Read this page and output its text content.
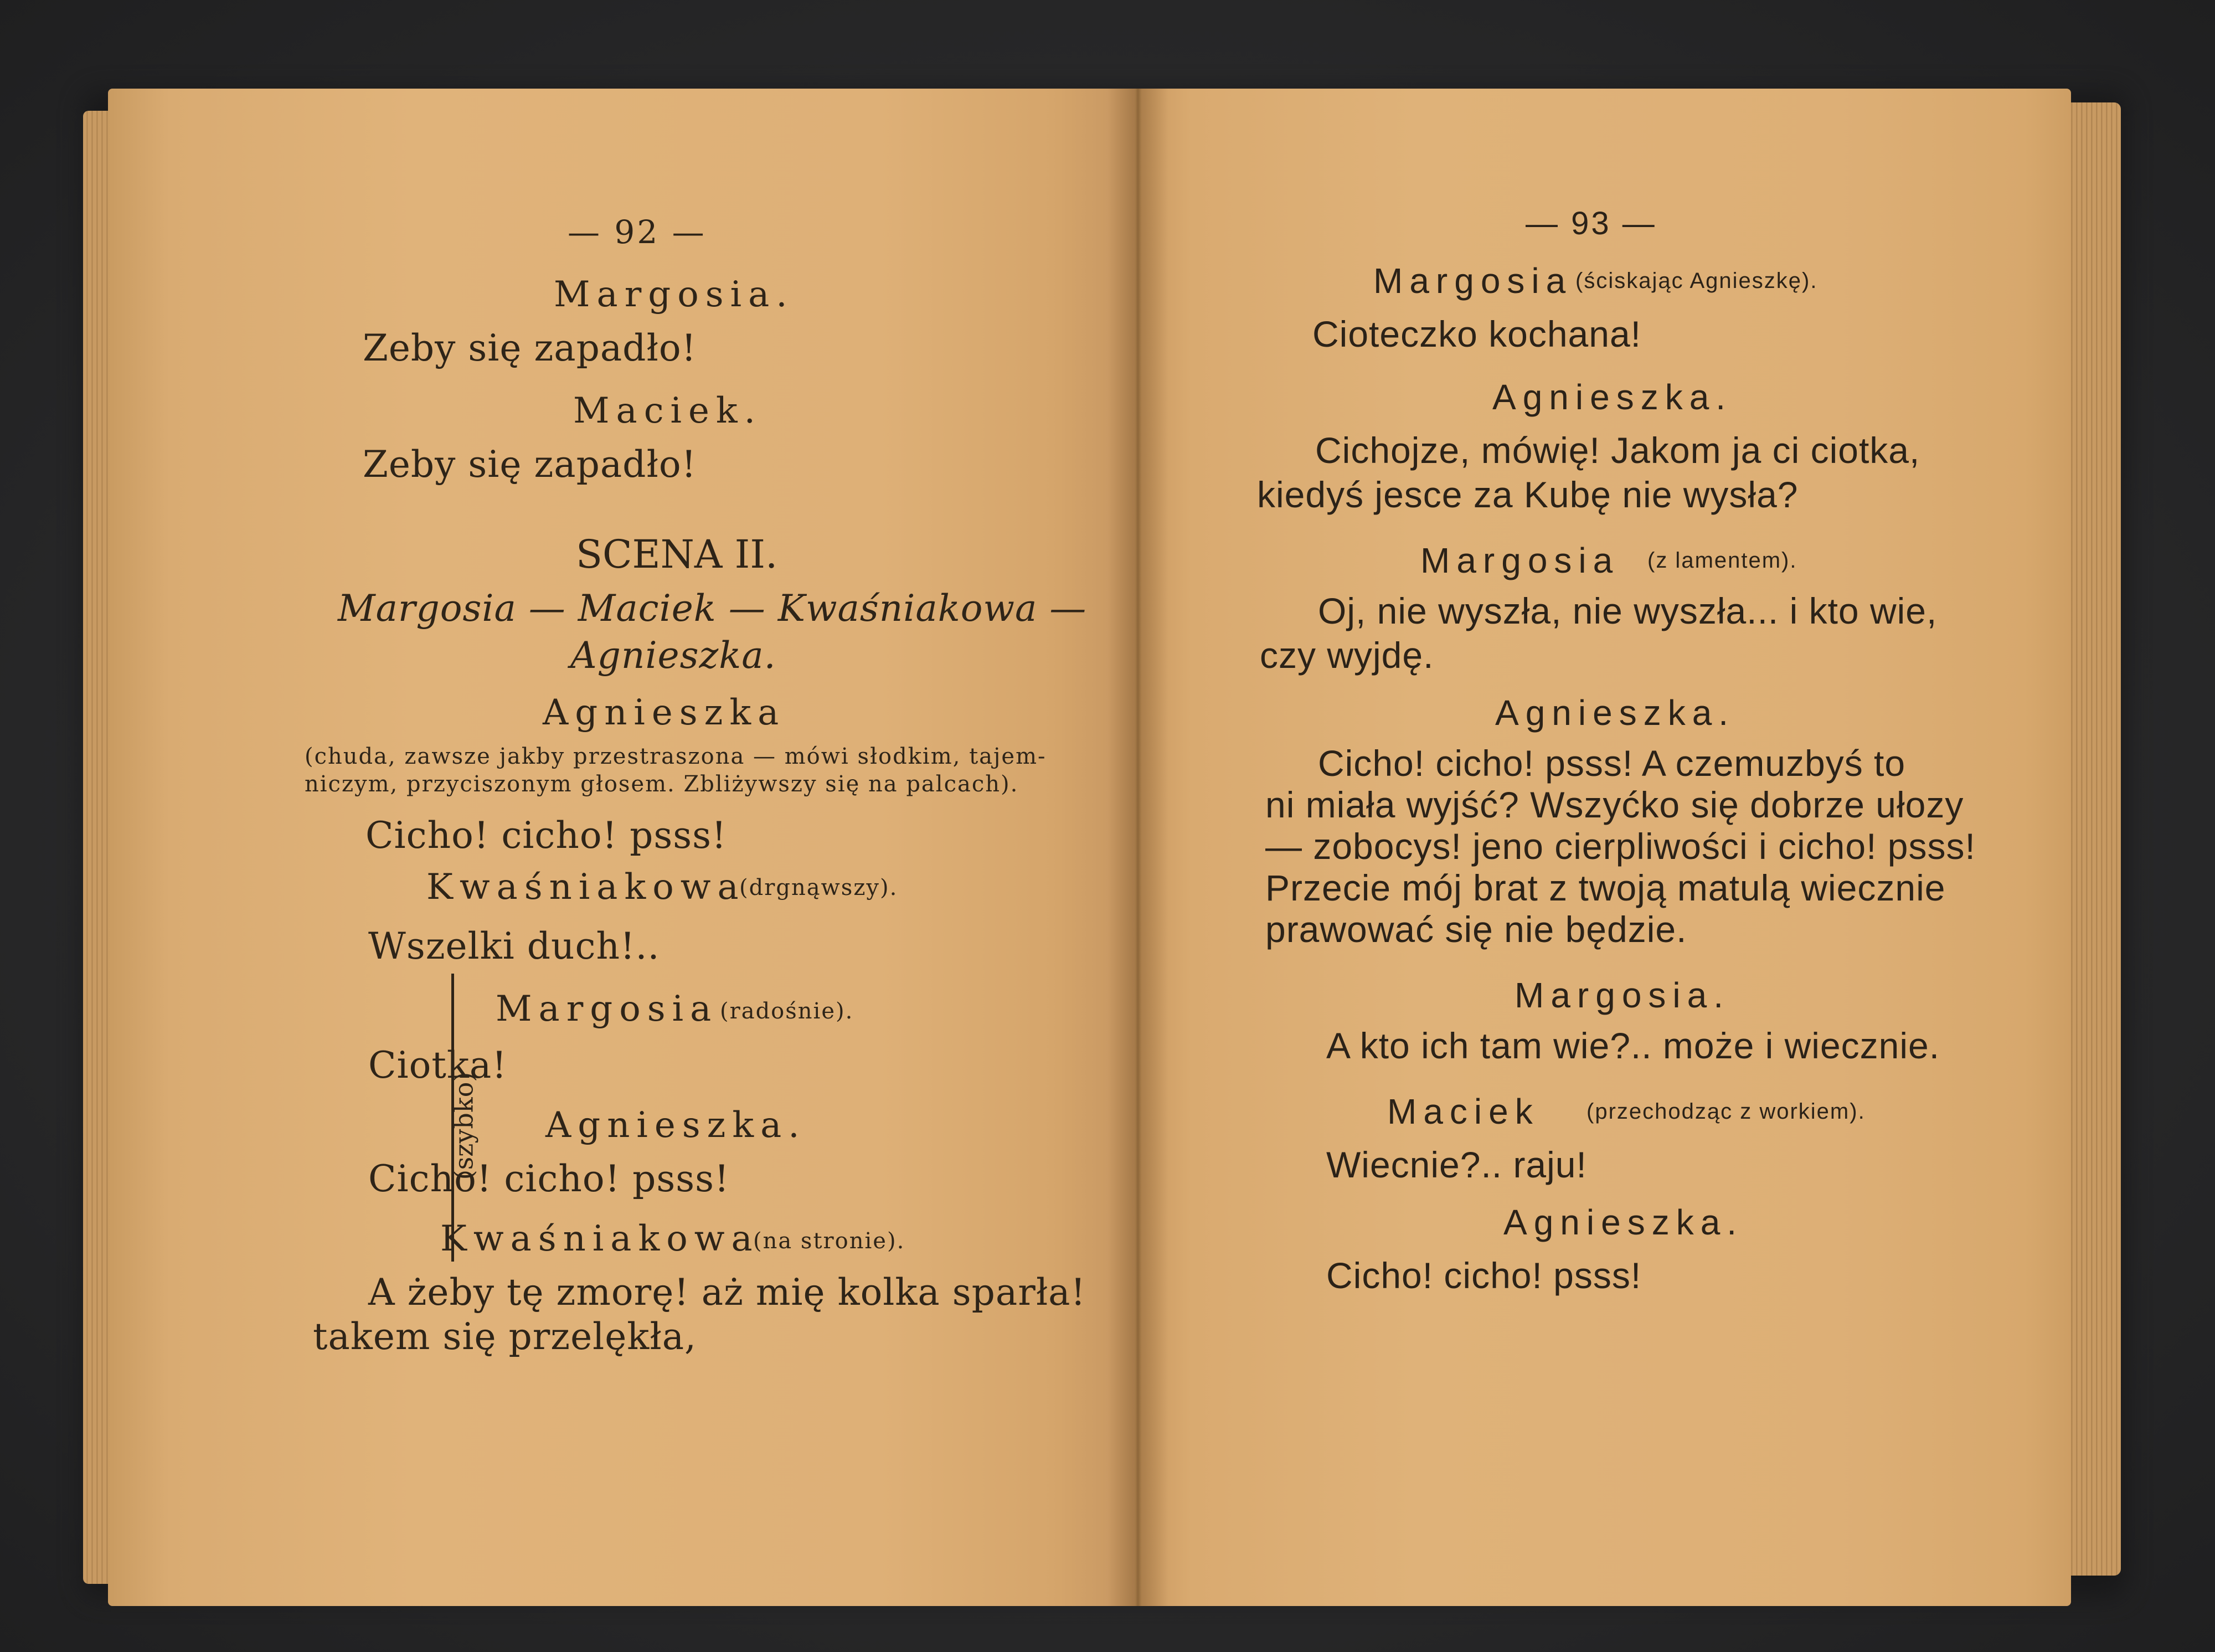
— 92 —

Margosia.

Zeby się zapadło!

Maciek.

Zeby się zapadło!

SCENA II.

Margosia — Maciek — Kwaśniakowa —

Agnieszka.

Agnieszka

(chuda, zawsze jakby przestraszona — mówi słodkim, tajem-

niczym, przyciszonym głosem. Zbliżywszy się na palcach).

Cicho! cicho! psss!

(szybko)

Kwaśniakowa

(drgnąwszy).

Wszelki duch!..

Margosia (radośnie).

Ciotka!

Agnieszka.

Cicho! cicho! psss!

Kwaśniakowa

(na stronie).

A żeby tę zmorę! aż mię kolka sparła!

takem się przelękła,

— 93 —

Margosia (ściskając Agnieszkę).

Cioteczko kochana!

Agnieszka.

Cichojze, mówię! Jakom ja ci ciotka,

kiedyś jesce za Kubę nie wysła?

Margosia (z lamentem).

Oj, nie wyszła, nie wyszła... i kto wie,

czy wyjdę.

Agnieszka.

Cicho! cicho! psss! A czemuzbyś to

ni miała wyjść? Wszyćko się dobrze ułozy

— zobocys! jeno cierpliwości i cicho! psss!

Przecie mój brat z twoją matulą wiecznie

prawować się nie będzie.

Margosia.

A kto ich tam wie?.. może i wiecznie.

Maciek (przechodząc z workiem).

Wiecnie?.. raju!

Agnieszka.

Cicho! cicho! psss!
